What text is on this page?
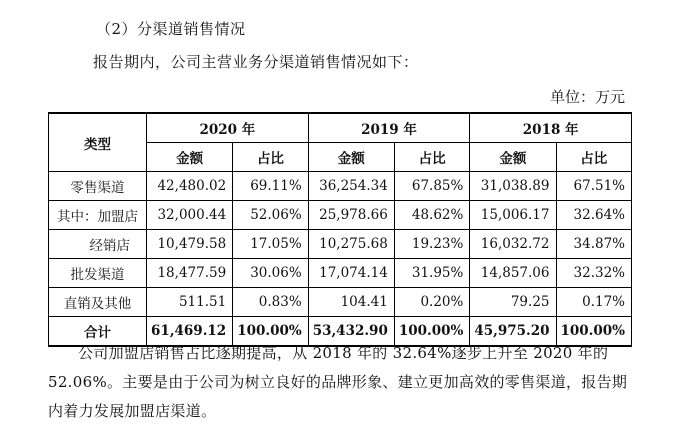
（2）分渠道销售情况
报告期内，公司主营业务分渠道销售情况如下：
单位：万元
类型	2020 年		2019 年		2018 年	
	金额	占比	金额	占比	金额	占比
零售渠道	42,480.02	69.11%	36,254.34	67.85%	31,038.89	67.51%
其中：加盟店	32,000.44	52.06%	25,978.66	48.62%	15,006.17	32.64%
经销店	10,479.58	17.05%	10,275.68	19.23%	16,032.72	34.87%
批发渠道	18,477.59	30.06%	17,074.14	31.95%	14,857.06	32.32%
直销及其他	511.51	0.83%	104.41	0.20%	79.25	0.17%
合计	61,469.12	100.00%	53,432.90	100.00%	45,975.20	100.00%
公司加盟店销售占比逐期提高，从 2018 年的 32.64%逐步上升至 2020 年的 52.06%。主要是由于公司为树立良好的品牌形象、建立更加高效的零售渠道，报告期内着力发展加盟店渠道。
